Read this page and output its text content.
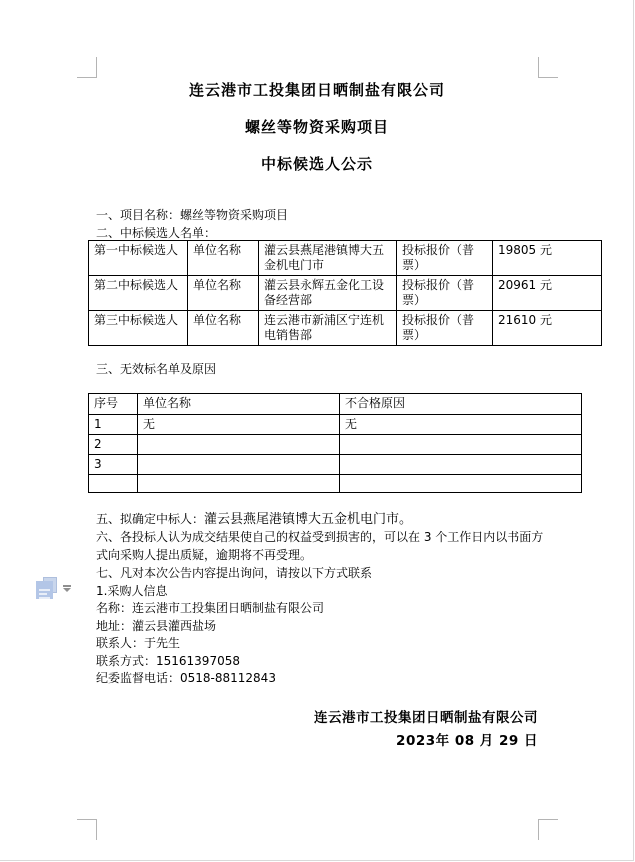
连云港市工投集团日晒制盐有限公司
螺丝等物资采购项目
中标候选人公示
一、项目名称：螺丝等物资采购项目
二、中标候选人名单：
第一中标候选人	单位名称	灌云县燕尾港镇博大五金机电门市	投标报价（普票）	19805 元
第二中标候选人	单位名称	灌云县永辉五金化工设备经营部	投标报价（普票）	20961 元
第三中标候选人	单位名称	连云港市新浦区宁连机电销售部	投标报价（普票）	21610 元
三、无效标名单及原因
序号	单位名称	不合格原因
1	无	无
2		
3		

五、拟确定中标人：灌云县燕尾港镇博大五金机电门市。
六、各投标人认为成交结果使自己的权益受到损害的，可以在 3 个工作日内以书面方式向采购人提出质疑，逾期将不再受理。
七、凡对本次公告内容提出询问，请按以下方式联系
1.采购人信息
名称：连云港市工投集团日晒制盐有限公司
地址：灌云县灌西盐场
联系人：于先生
联系方式：15161397058
纪委监督电话：0518-88112843
连云港市工投集团日晒制盐有限公司
2023年 08 月 29 日
